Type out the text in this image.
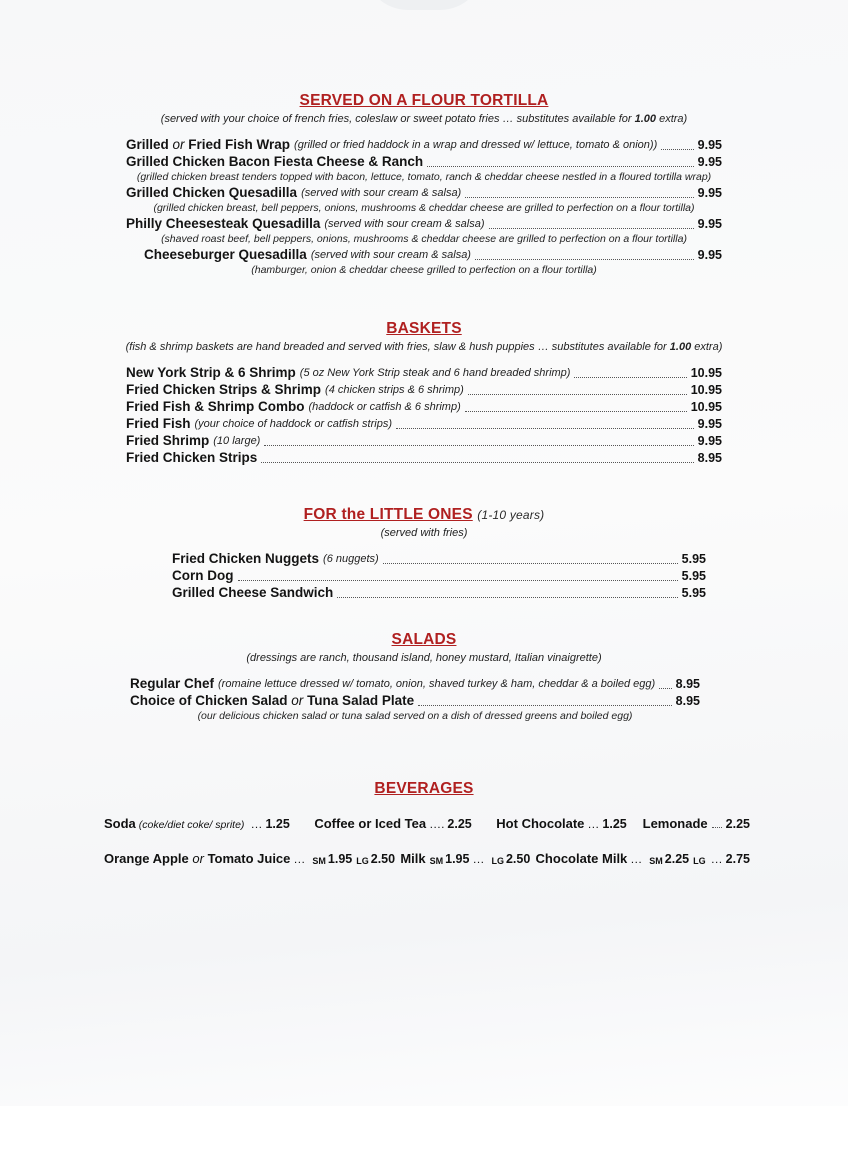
SERVED ON A FLOUR TORTILLA
(served with your choice of french fries, coleslaw or sweet potato fries … substitutes available for 1.00 extra)
Grilled or Fried Fish Wrap (grilled or fried haddock in a wrap and dressed w/ lettuce, tomato & onion))	9.95
Grilled Chicken Bacon Fiesta Cheese & Ranch	9.95
(grilled chicken breast tenders topped with bacon, lettuce, tomato, ranch & cheddar cheese nestled in a floured tortilla wrap)
Grilled Chicken Quesadilla (served with sour cream & salsa)	9.95
(grilled chicken breast, bell peppers, onions, mushrooms & cheddar cheese are grilled to perfection on a flour tortilla)
Philly Cheesesteak Quesadilla (served with sour cream & salsa)	9.95
(shaved roast beef, bell peppers, onions, mushrooms & cheddar cheese are grilled to perfection on a flour tortilla)
Cheeseburger Quesadilla (served with sour cream & salsa)	9.95
(hamburger, onion & cheddar cheese grilled to perfection on a flour tortilla)
BASKETS
(fish & shrimp baskets are hand breaded and served with fries, slaw & hush puppies … substitutes available for 1.00 extra)
New York Strip & 6 Shrimp (5 oz New York Strip steak and 6 hand breaded shrimp)	10.95
Fried Chicken Strips & Shrimp (4 chicken strips & 6 shrimp)	10.95
Fried Fish & Shrimp Combo (haddock or catfish & 6 shrimp)	10.95
Fried Fish (your choice of haddock or catfish strips)	9.95
Fried Shrimp (10 large)	9.95
Fried Chicken Strips	8.95
FOR the LITTLE ONES (1-10 years)
(served with fries)
Fried Chicken Nuggets (6 nuggets)	5.95
Corn Dog	5.95
Grilled Cheese Sandwich	5.95
SALADS
(dressings are ranch, thousand island, honey mustard, Italian vinaigrette)
Regular Chef (romaine lettuce dressed w/ tomato, onion, shaved turkey & ham, cheddar & a boiled egg) 8.95
Choice of Chicken Salad or Tuna Salad Plate	8.95
(our delicious chicken salad or tuna salad served on a dish of dressed greens and boiled egg)
BEVERAGES
Soda (coke/diet coke/ sprite) … 1.25 Coffee or Iced Tea …. 2.25 Hot Chocolate … 1.25 Lemonade 2.25
Orange Apple or Tomato Juice … SM 1.95 LG 2.50 Milk SM 1.95 … LG 2.50 Chocolate Milk … SM 2.25 LG … 2.75
